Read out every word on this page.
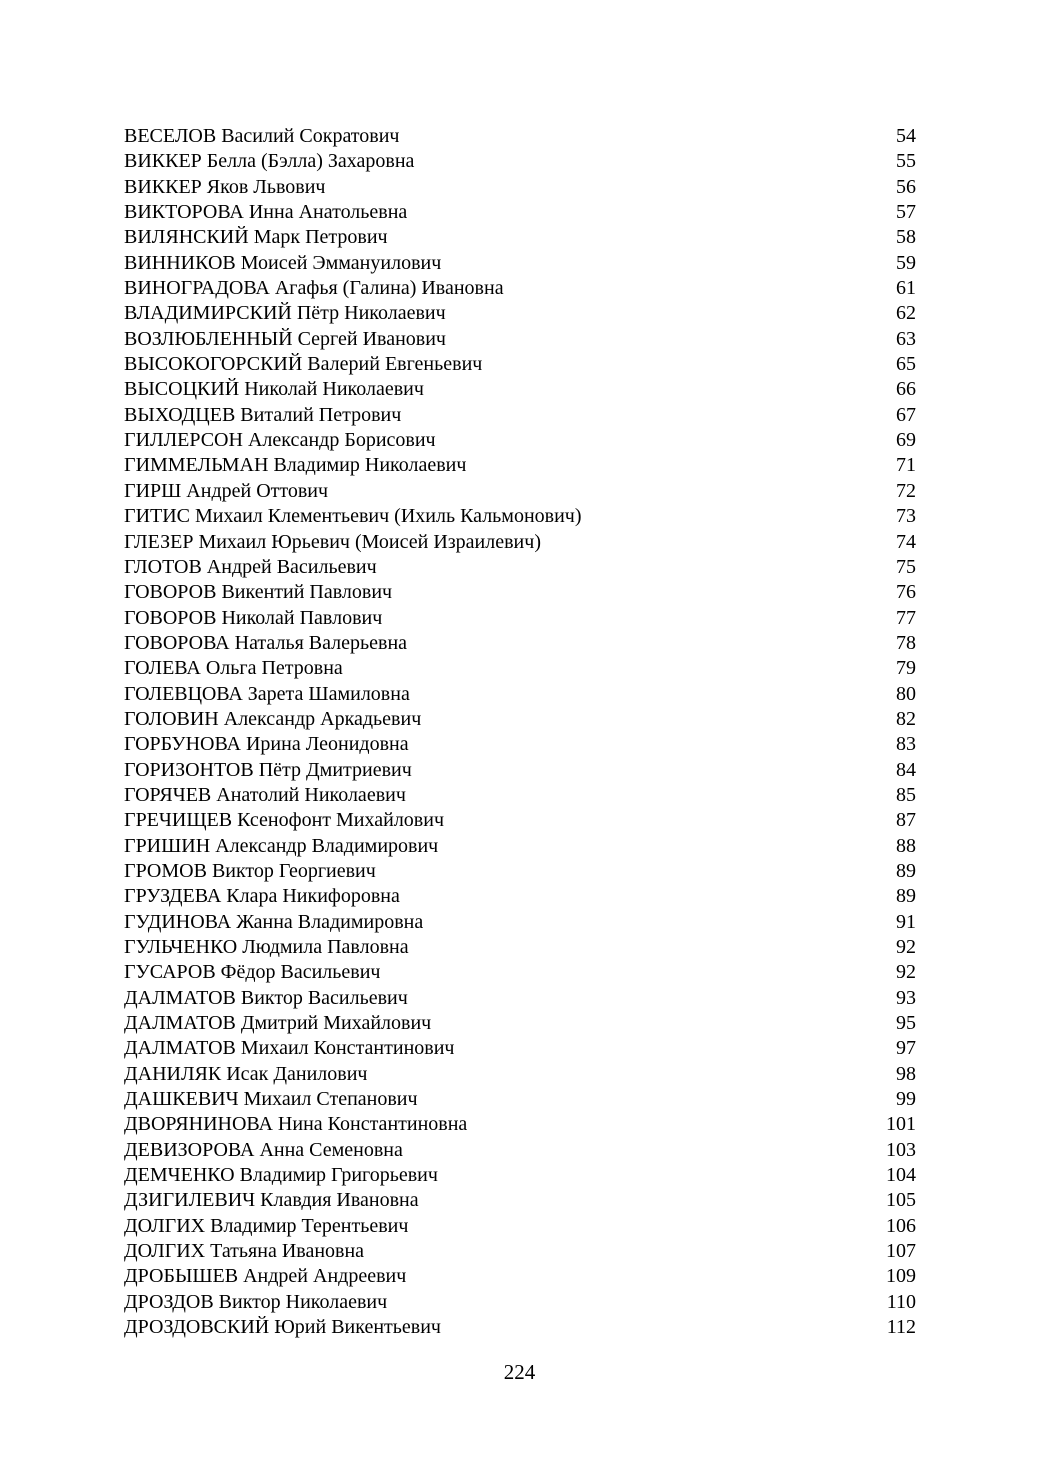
ВЕСЕЛОВ Василий Сократович	54
ВИККЕР Белла (Бэлла) Захаровна	55
ВИККЕР Яков Львович	56
ВИКТОРОВА Инна Анатольевна	57
ВИЛЯНСКИЙ Марк Петрович	58
ВИННИКОВ Моисей Эммануилович	59
ВИНОГРАДОВА Агафья (Галина) Ивановна	61
ВЛАДИМИРСКИЙ Пётр Николаевич	62
ВОЗЛЮБЛЕННЫЙ Сергей Иванович	63
ВЫСОКОГОРСКИЙ Валерий Евгеньевич	65
ВЫСОЦКИЙ Николай Николаевич	66
ВЫХОДЦЕВ Виталий Петрович	67
ГИЛЛЕРСОН Александр Борисович	69
ГИММЕЛЬМАН Владимир Николаевич	71
ГИРШ Андрей Оттович	72
ГИТИС Михаил Клементьевич (Ихиль Кальмонович)	73
ГЛЕЗЕР Михаил Юрьевич (Моисей Израилевич)	74
ГЛОТОВ Андрей Васильевич	75
ГОВОРОВ Викентий Павлович	76
ГОВОРОВ Николай Павлович	77
ГОВОРОВА Наталья Валерьевна	78
ГОЛЕВА Ольга Петровна	79
ГОЛЕВЦОВА Зарета Шамиловна	80
ГОЛОВИН Александр Аркадьевич	82
ГОРБУНОВА Ирина Леонидовна	83
ГОРИЗОНТОВ Пётр Дмитриевич	84
ГОРЯЧЕВ Анатолий Николаевич	85
ГРЕЧИЩЕВ Ксенофонт Михайлович	87
ГРИШИН Александр Владимирович	88
ГРОМОВ Виктор Георгиевич	89
ГРУЗДЕВА Клара Никифоровна	89
ГУДИНОВА Жанна Владимировна	91
ГУЛЬЧЕНКО Людмила Павловна	92
ГУСАРОВ Фёдор Васильевич	92
ДАЛМАТОВ Виктор Васильевич	93
ДАЛМАТОВ Дмитрий Михайлович	95
ДАЛМАТОВ Михаил Константинович	97
ДАНИЛЯК Исак Данилович	98
ДАШКЕВИЧ Михаил Степанович	99
ДВОРЯНИНОВА Нина Константиновна	101
ДЕВИЗОРОВА Анна Семеновна	103
ДЕМЧЕНКО Владимир Григорьевич	104
ДЗИГИЛЕВИЧ Клавдия Ивановна	105
ДОЛГИХ Владимир Терентьевич	106
ДОЛГИХ Татьяна Ивановна	107
ДРОБЫШЕВ Андрей Андреевич	109
ДРОЗДОВ Виктор Николаевич	110
ДРОЗДОВСКИЙ Юрий Викентьевич	112
224
